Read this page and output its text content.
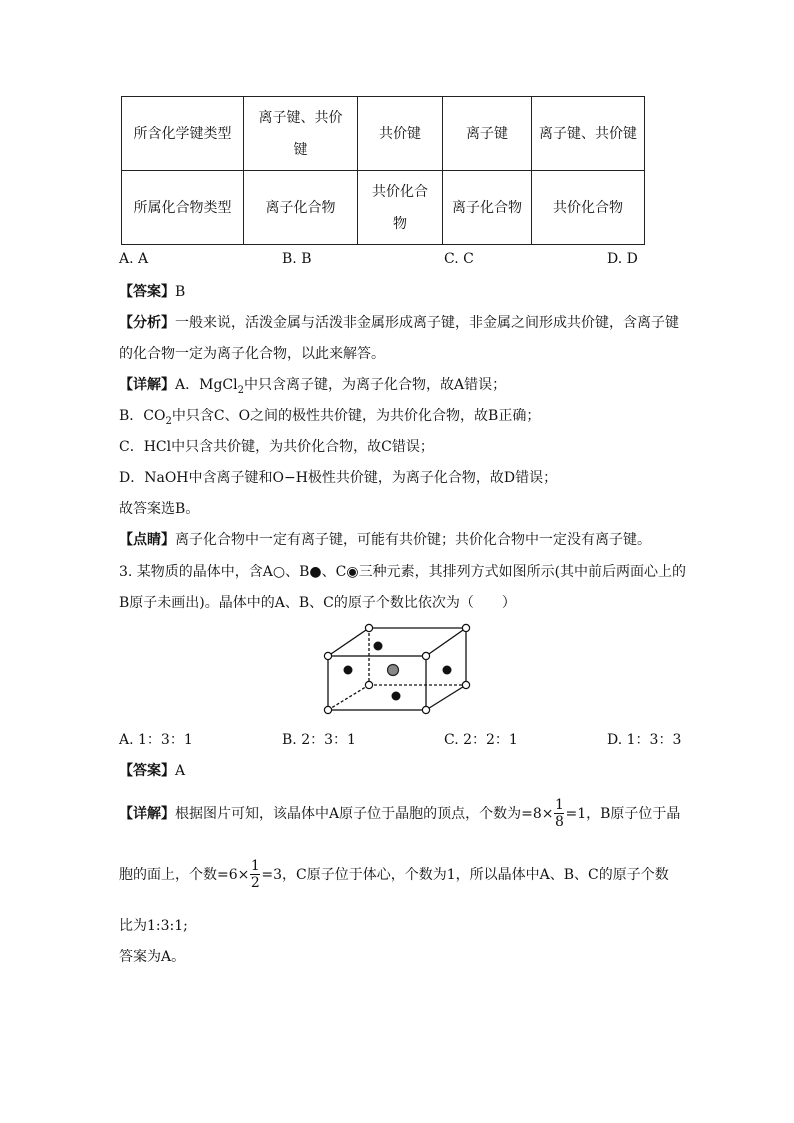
所含化学键类型	离子键、共价键	共价键	离子键	离子键、共价键
所属化合物类型	离子化合物	共价化合物	离子化合物	共价化合物
A. A	B. B	C. C	D. D
【答案】B
【分析】一般来说，活泼金属与活泼非金属形成离子键，非金属之间形成共价键，含离子键
的化合物一定为离子化合物，以此来解答。
【详解】A．MgCl$_2$中只含离子键，为离子化合物，故A错误；
B．$CO_2$中只含C、O之间的极性共价键，为共价化合物，故B正确；
C．HCl中只含共价键，为共价化合物，故C错误；
D．NaOH中含离子键和O−H极性共价键，为离子化合物，故D错误；
故答案选B。
【点睛】离子化合物中一定有离子键，可能有共价键；共价化合物中一定没有离子键。
3. 某物质的晶体中，含A○、B●、C◉三种元素，其排列方式如图所示(其中前后两面心上的
B原子未画出)。晶体中的A、B、C的原子个数比依次为（　　）
A. 1：3：1	B. 2：3：1	C. 2：2：1	D. 1：3：3
【答案】A
【详解】 根据图片可知，该晶体中A原子位于晶胞的顶点，个数为$=8\times \frac{1}{8} =1$，B原子位于晶
胞的面上，个数$=6\times \frac{1}{2} =3$，C原子位于体心，个数为1，所以晶体中A、B、C的原子个数
比为1:3:1;
答案为A。
